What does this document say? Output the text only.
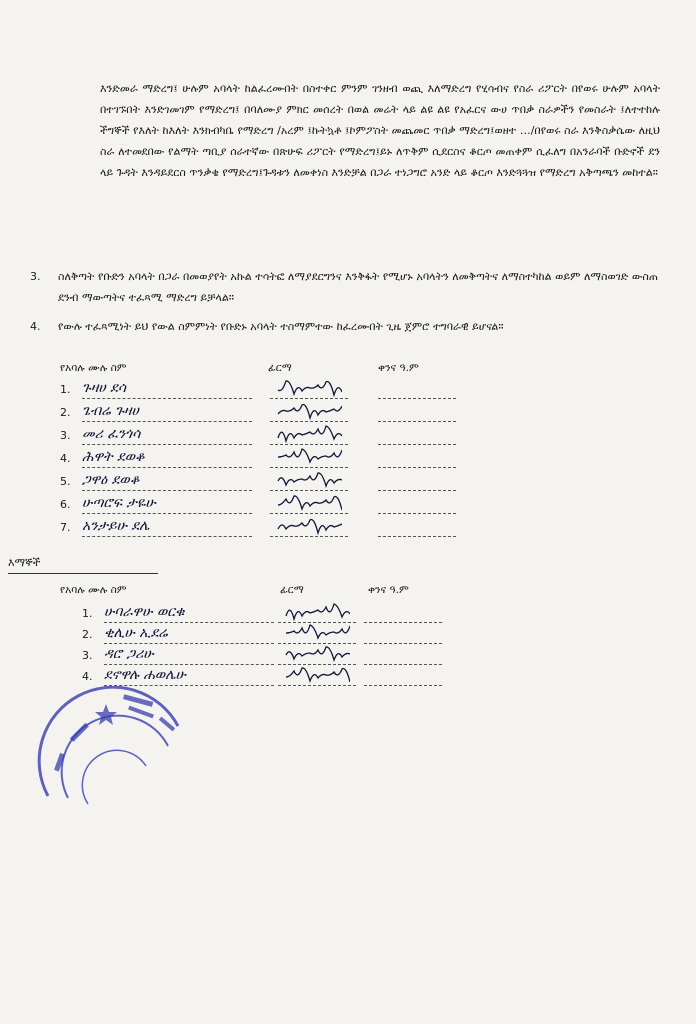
እንድመራ ማድረግ፤ ሁሉም አባላት ከልፈረሙበት በስተቀር ምንም ገንዘብ ወጪ እለማድረግ የሂሳብና የስራ ሪፖርት በየወሩ ሁሉም አባላት በተገኙበት እንድገመገም የማድረግ፤ በባለሙያ ምክር መሰረት በወል መሬት ላይ ልዩ ልዩ የአፈርና ውሀ ጥበቃ ስራዎችን የመስራት ፤ለተተከሉ ችግኞች የእለት ከእለት እንክብካቤ የማድረግ /አረም ፤ኩትኳቶ ፤ኮምፖስት መጨመር ጥበቃ ማድረግ፤ወዘተ …/በየወሩ ስራ እንቅስቃሴው ለዚህ ስራ ለተመደበው የልማት ጣቢያ ሰራተኛው በጽሁፍ ሪፖርት የማድረግ፤ይኑ ለጥቅም ሲደርስና ቆርጦ መጠቀም ሲፈለግ በአንራባች ቡድኖች ደን ላይ ጉዳት እንዳይደርስ ጥንቃቄ የማድረግ፤ጉዳቱን ለመቀነስ እንድቻል በጋራ ተነጋግሮ አንድ ላይ ቆርጦ እንድጓጓዝ የማድረግ አቅጣጫን መከተል።

3. ስለቅጣት የቡድን አባላት በጋራ በመወያየት አኩል ተሳትፎ ለማያደርግንና እንቅፋት የሚሆኑ አባላትን ለመቅጣትና ለማስተካከል ወይም ለማስወገድ ውስጠ ደንብ ማውጣትና ተፈጻሚ ማድረግ ይቻላል።
4. የውሉ ተፈጻሚነት ይህ የውል ስምምነት የቡድኑ አባላት ተስማምተው ከፈረሙበት ጊዜ ጀምሮ ተግባራዊ ይሆናል።
የአባሉ ሙሉ ስም	ፊርማ	ቀንና ዓ.ም
1. ጉዛሀ ደሳ
2. ጌብሬ ጉዛሀ
3. መሪ ፈንጎሳ
4. ሕዋት ደወቆ
5. ጋዋዕ ደወቆ
6. ሁጣሮፍ ታዬሁ
7. አንታይሁ ደሌ
እማኞች
የአባሉ ሙሉ ስም	ፊርማ	ቀንና ዓ.ም
1. ሁባራዋሁ ወርቁ
2. ቂሊሁ ኢደሬ
3. ዳሮ ጋሪሁ
4. ደኖዋሉ ሐወሌሁ
